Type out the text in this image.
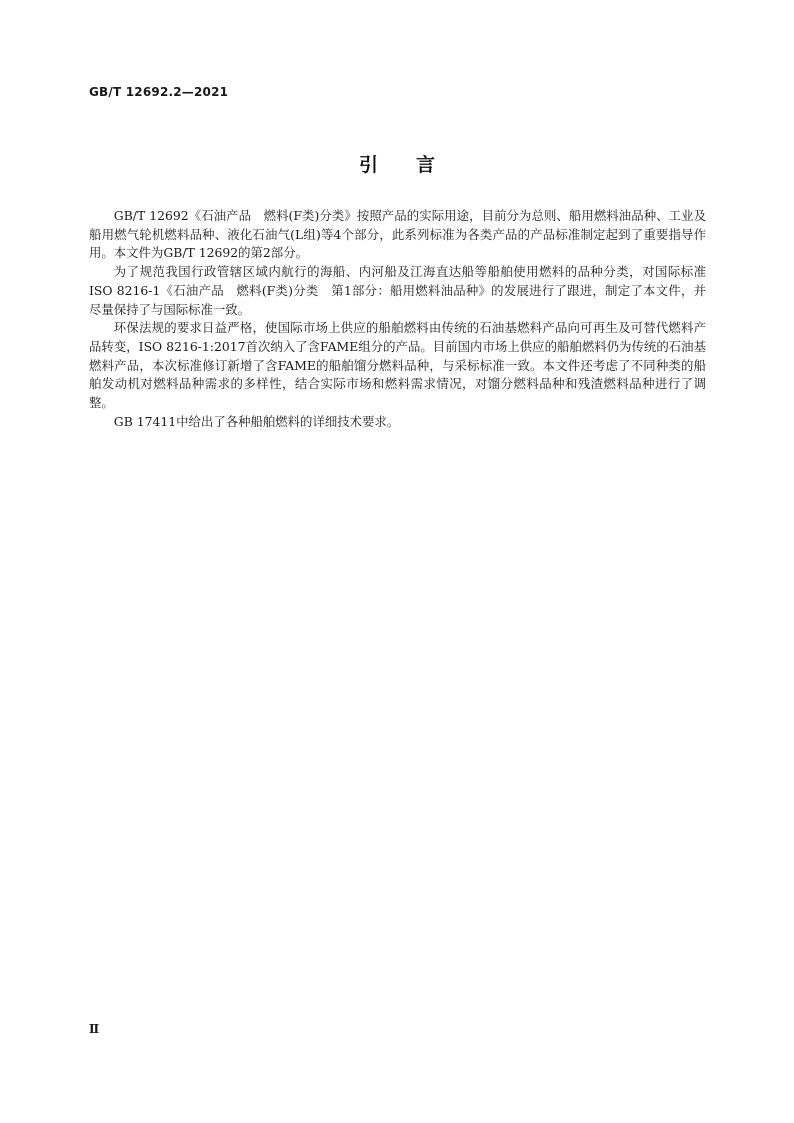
GB/T 12692.2—2021
引 言

GB/T 12692《石油产品　燃料(F类)分类》按照产品的实际用途，目前分为总则、船用燃料油品种、工业及船用燃气轮机燃料品种、液化石油气(L组)等4个部分，此系列标准为各类产品的产品标准制定起到了重要指导作用。本文件为GB/T 12692的第2部分。

为了规范我国行政管辖区域内航行的海船、内河船及江海直达船等船舶使用燃料的品种分类，对国际标准ISO 8216-1《石油产品　燃料(F类)分类　第1部分：船用燃料油品种》的发展进行了跟进，制定了本文件，并尽量保持了与国际标准一致。

环保法规的要求日益严格，使国际市场上供应的船舶燃料由传统的石油基燃料产品向可再生及可替代燃料产品转变，ISO 8216-1:2017首次纳入了含FAME组分的产品。目前国内市场上供应的船舶燃料仍为传统的石油基燃料产品，本次标准修订新增了含FAME的船舶馏分燃料品种，与采标标准一致。本文件还考虑了不同种类的船舶发动机对燃料品种需求的多样性，结合实际市场和燃料需求情况，对馏分燃料品种和残渣燃料品种进行了调整。

GB 17411中给出了各种船舶燃料的详细技术要求。

Ⅱ
